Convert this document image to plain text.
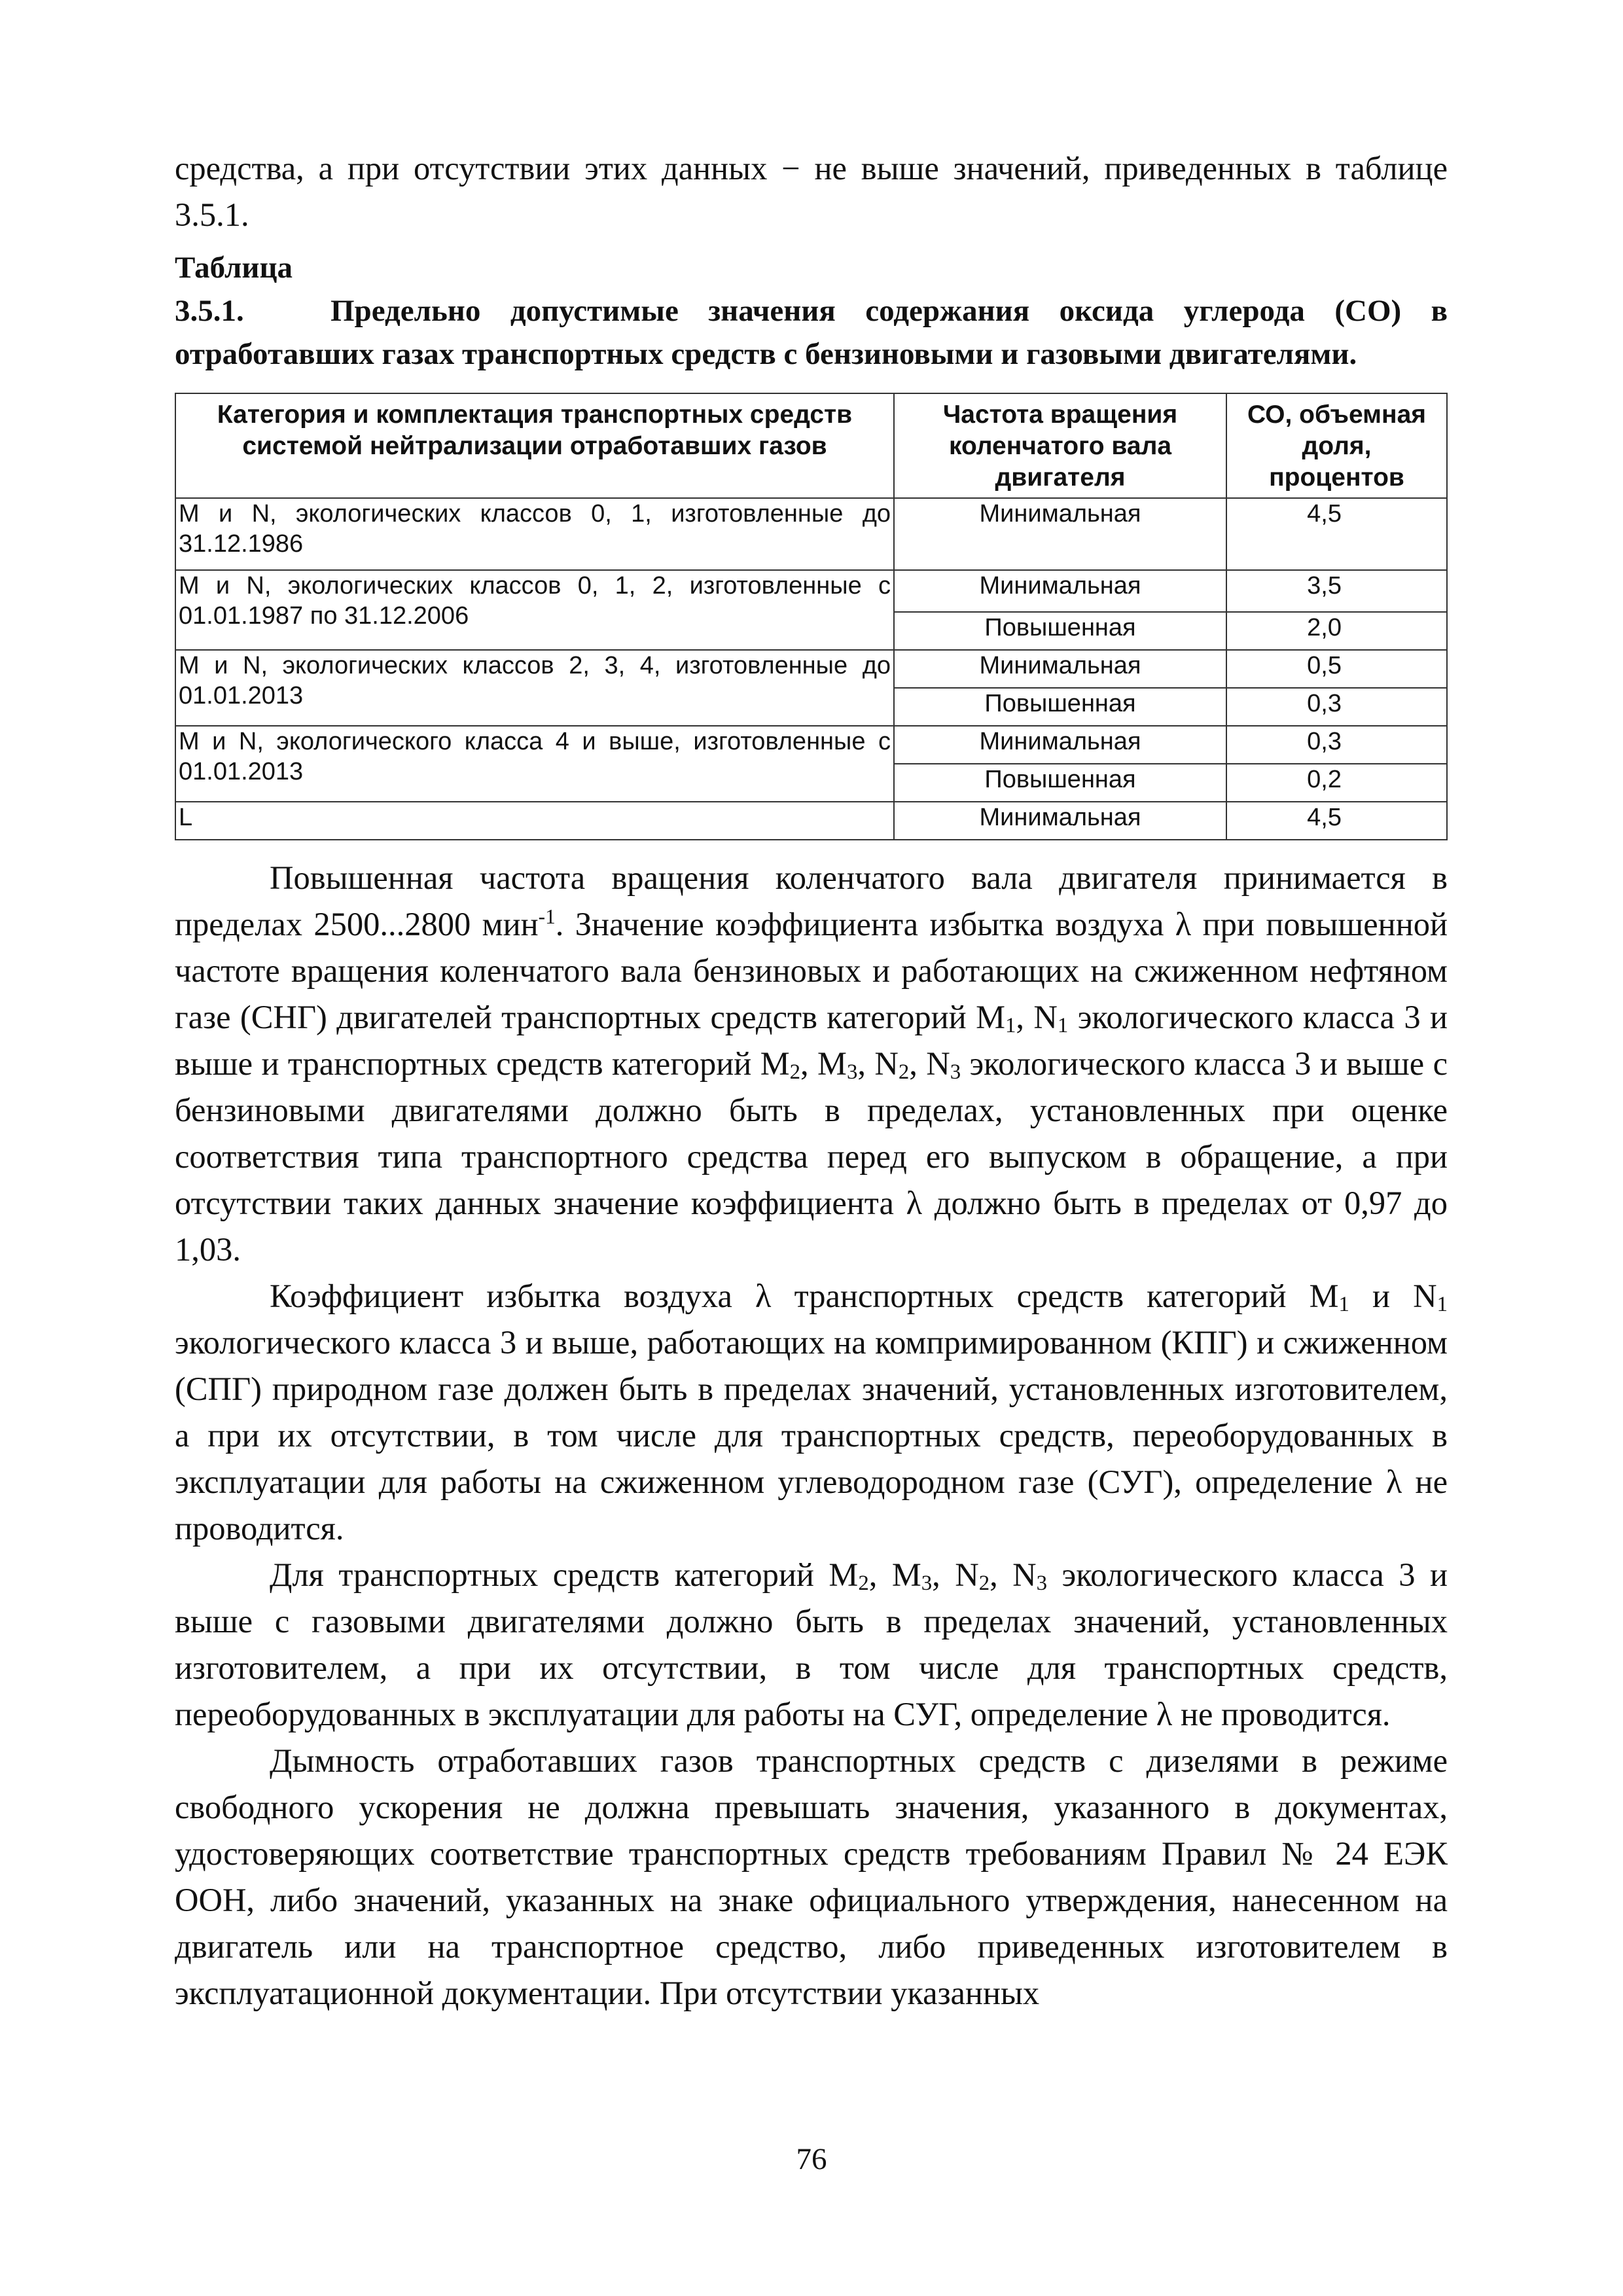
средства, а при отсутствии этих данных − не выше значений, приведенных в таблице 3.5.1.

Таблица 3.5.1.	Предельно допустимые значения содержания оксида углерода (СО) в отработавших газах транспортных средств с бензиновыми и газовыми двигателями.

Категория и комплектация транспортных средств системой нейтрализации отработавших газов	Частота вращения коленчатого вала двигателя	СО, объемная доля, процентов
M и N, экологических классов 0, 1, изготовленные до 31.12.1986	Минимальная	4,5
M и N, экологических классов 0, 1, 2, изготовленные с 01.01.1987 по 31.12.2006	Минимальная	3,5
	Повышенная	2,0
M и N, экологических классов 2, 3, 4, изготовленные до 01.01.2013	Минимальная	0,5
	Повышенная	0,3
M и N, экологического класса 4 и выше, изготовленные с 01.01.2013	Минимальная	0,3
	Повышенная	0,2
L	Минимальная	4,5

Повышенная частота вращения коленчатого вала двигателя принимается в пределах 2500...2800 мин$^{-1}$. Значение коэффициента избытка воздуха λ при повышенной частоте вращения коленчатого вала бензиновых и работающих на сжиженном нефтяном газе (СНГ) двигателей транспортных средств категорий $M_1$, $N_1$ экологического класса 3 и выше и транспортных средств категорий $M_2$, $M_3$, $N_2$, $N_3$ экологического класса 3 и выше с бензиновыми двигателями должно быть в пределах, установленных при оценке соответствия типа транспортного средства перед его выпуском в обращение, а при отсутствии таких данных значение коэффициента λ должно быть в пределах от 0,97 до 1,03.

Коэффициент избытка воздуха λ транспортных средств категорий $M_1$ и $N_1$ экологического класса 3 и выше, работающих на компримированном (КПГ) и сжиженном (СПГ) природном газе должен быть в пределах значений, установленных изготовителем, а при их отсутствии, в том числе для транспортных средств, переоборудованных в эксплуатации для работы на сжиженном углеводородном газе (СУГ), определение λ не проводится.

Для транспортных средств категорий $M_2$, $M_3$, $N_2$, $N_3$ экологического класса 3 и выше с газовыми двигателями должно быть в пределах значений, установленных изготовителем, а при их отсутствии, в том числе для транспортных средств, переоборудованных в эксплуатации для работы на СУГ, определение λ не проводится.

Дымность отработавших газов транспортных средств с дизелями в режиме свободного ускорения не должна превышать значения, указанного в документах, удостоверяющих соответствие транспортных средств требованиям Правил № 24 ЕЭК ООН, либо значений, указанных на знаке официального утверждения, нанесенном на двигатель или на транспортное средство, либо приведенных изготовителем в эксплуатационной документации. При отсутствии указанных

76
